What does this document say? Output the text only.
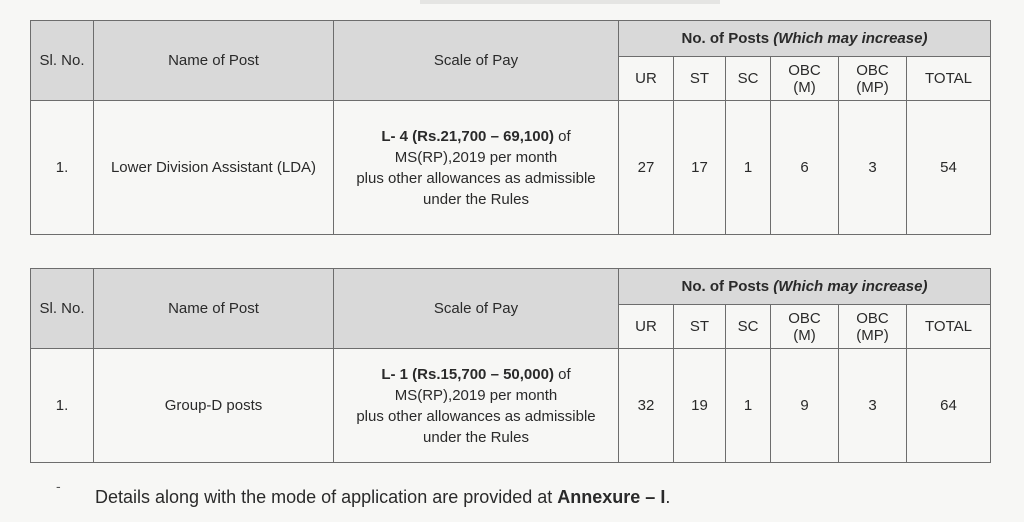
Sl. No.	Name of Post	Scale of Pay	No. of Posts (Which may increase)					
			UR	ST	SC	OBC (M)	OBC (MP)	TOTAL
1.	Lower Division Assistant (LDA)	L- 4 (Rs.21,700 – 69,100) of
MS(RP),2019 per month
plus other allowances as admissible
under the Rules	27	17	1	6	3	54
Sl. No.	Name of Post	Scale of Pay	No. of Posts (Which may increase)					
			UR	ST	SC	OBC (M)	OBC (MP)	TOTAL
1.	Group-D posts	L- 1 (Rs.15,700 – 50,000) of
MS(RP),2019 per month
plus other allowances as admissible
under the Rules	32	19	1	9	3	64
-
Details along with the mode of application are provided at Annexure – I.
